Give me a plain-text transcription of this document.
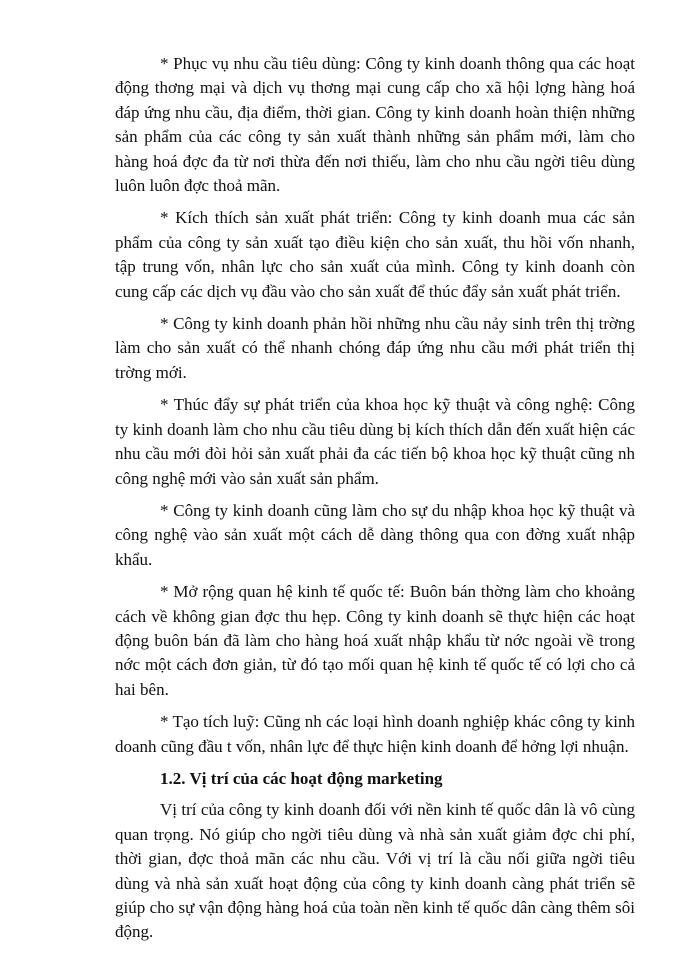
* Phục vụ nhu cầu tiêu dùng: Công ty kinh doanh thông qua các hoạt động thơng mại và dịch vụ thơng mại cung cấp cho xã hội lợng hàng hoá đáp ứng nhu cầu, địa điểm, thời gian. Công ty kinh doanh hoàn thiện những sản phẩm của các công ty sản xuất thành những sản phẩm mới, làm cho hàng hoá đợc đa từ nơi thừa đến nơi thiếu, làm cho nhu cầu ngời tiêu dùng luôn luôn đợc thoả mãn.

* Kích thích sản xuất phát triển: Công ty kinh doanh mua các sản phẩm của công ty sản xuất tạo điều kiện cho sản xuất, thu hồi vốn nhanh, tập trung vốn, nhân lực cho sản xuất của mình. Công ty kinh doanh còn cung cấp các dịch vụ đầu vào cho sản xuất để thúc đẩy sản xuất phát triển.

* Công ty kinh doanh phản hồi những nhu cầu nảy sinh trên thị trờng làm cho sản xuất có thể nhanh chóng đáp ứng nhu cầu mới phát triển thị trờng mới.

* Thúc đẩy sự phát triển của khoa học kỹ thuật và công nghệ: Công ty kinh doanh làm cho nhu cầu tiêu dùng bị kích thích dẫn đến xuất hiện các nhu cầu mới đòi hỏi sản xuất phải đa các tiến bộ khoa học kỹ thuật cũng nh công nghệ mới vào sản xuất sản phẩm.

* Công ty kinh doanh cũng làm cho sự du nhập khoa học kỹ thuật và công nghệ vào sản xuất một cách dễ dàng thông qua con đờng xuất nhập khẩu.

* Mở rộng quan hệ kinh tế quốc tế: Buôn bán thờng làm cho khoảng cách về không gian đợc thu hẹp. Công ty kinh doanh sẽ thực hiện các hoạt động buôn bán đã làm cho hàng hoá xuất nhập khẩu từ nớc ngoài về trong nớc một cách đơn giản, từ đó tạo mối quan hệ kinh tế quốc tế có lợi cho cả hai bên.

* Tạo tích luỹ: Cũng nh các loại hình doanh nghiệp khác công ty kinh doanh cũng đầu t vốn, nhân lực để thực hiện kinh doanh để hởng lợi nhuận.

1.2. Vị trí của các hoạt động marketing

Vị trí của công ty kinh doanh đối với nền kinh tế quốc dân là vô cùng quan trọng. Nó giúp cho ngời tiêu dùng và nhà sản xuất giảm đợc chi phí, thời gian, đợc thoả mãn các nhu cầu. Với vị trí là cầu nối giữa ngời tiêu dùng và nhà sản xuất hoạt động của công ty kinh doanh càng phát triển sẽ giúp cho sự vận động hàng hoá của toàn nền kinh tế quốc dân càng thêm sôi động.
